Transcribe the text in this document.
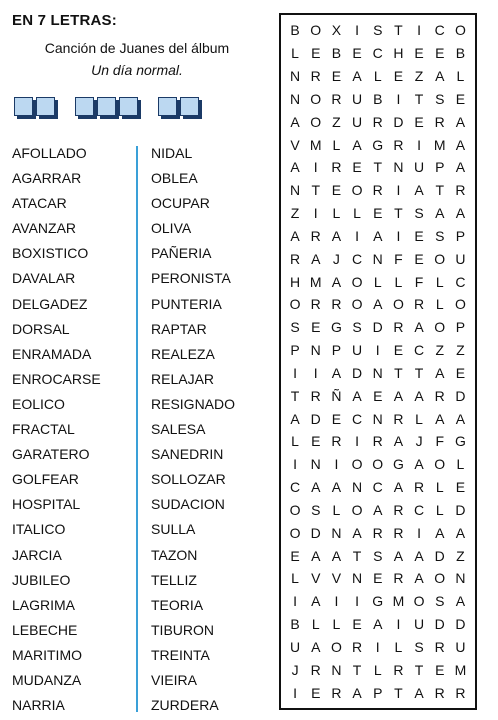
EN 7 LETRAS:
Canción de Juanes del álbum
Un día normal.
AFOLLADO
AGARRAR
ATACAR
AVANZAR
BOXISTICO
DAVALAR
DELGADEZ
DORSAL
ENRAMADA
ENROCARSE
EOLICO
FRACTAL
GARATERO
GOLFEAR
HOSPITAL
ITALICO
JARCIA
JUBILEO
LAGRIMA
LEBECHE
MARITIMO
MUDANZA
NARRIA
NIDAL
OBLEA
OCUPAR
OLIVA
PAÑERIA
PERONISTA
PUNTERIA
RAPTAR
REALEZA
RELAJAR
RESIGNADO
SALESA
SANEDRIN
SOLLOZAR
SUDACION
SULLA
TAZON
TELLIZ
TEORIA
TIBURON
TREINTA
VIEIRA
ZURDERA
B O X I S T I C O
L E B E C H E E B
N R E A L E Z A L
N O R U B I T S E
A O Z U R D E R A
V M L A G R I M A
A I R E T N U P A
N T E O R I A T R
Z I	L L E T S A A
A R A I A I E S P
R A J C N F E O U
H M A O L L F L C
O R R O A O R L O
S E G S D R A O P
P N P U I E C Z Z
I	I A D N T T A E
T R Ñ A E A A R D
A D E C N R L A A
L E R I R A J F G
I N I O O G A O L
C A A N C A R L E
O S L O A R C L D
O D N A R R I A A
E A A T S A A D Z
L V V N E R A O N
I A I	I G M O S A
B L L E A I U D D
U A O R I	L S R U
J R N T L R T E M
I E R A P T A R R
